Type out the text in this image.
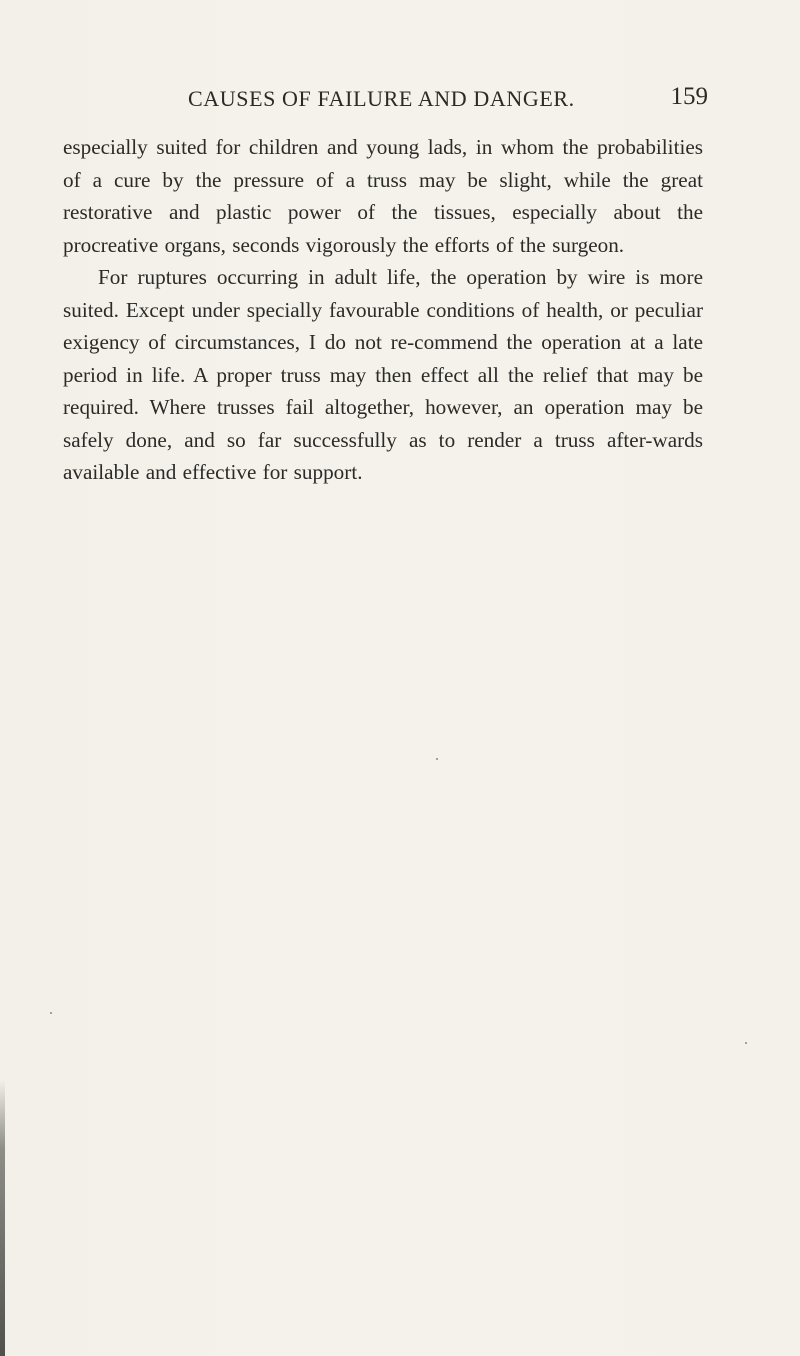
CAUSES OF FAILURE AND DANGER.	159

especially suited for children and young lads, in whom the probabilities of a cure by the pressure of a truss may be slight, while the great restorative and plastic power of the tissues, especially about the procreative organs, seconds vigorously the efforts of the surgeon.

For ruptures occurring in adult life, the operation by wire is more suited. Except under specially favourable conditions of health, or peculiar exigency of circumstances, I do not re-commend the operation at a late period in life. A proper truss may then effect all the relief that may be required. Where trusses fail altogether, however, an operation may be safely done, and so far successfully as to render a truss after-wards available and effective for support.
